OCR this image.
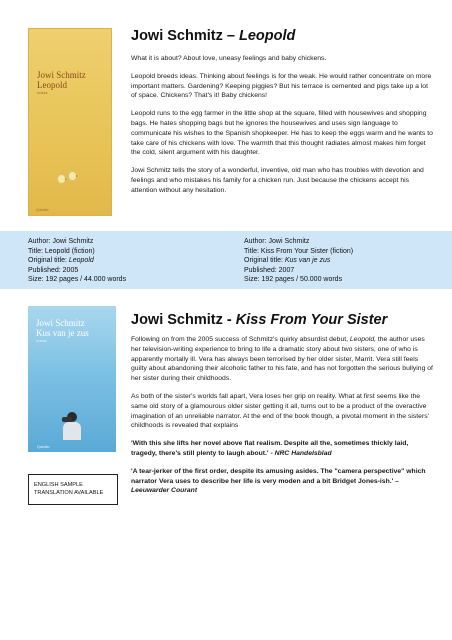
Jowi Schmitz
Leopold
roman
Querido
Jowi Schmitz – Leopold

What it is about? About love, uneasy feelings and baby chickens.

Leopold breeds ideas. Thinking about feelings is for the weak. He would rather concentrate on more important matters. Gardening? Keeping piggies? But his terrace is cemented and pigs take up a lot of space. Chickens? That's it! Baby chickens!

Leopold runs to the egg farmer in the little shop at the square, filled with housewives and shopping bags. He hates shopping bags but he ignores the housewives and uses sign language to communicate his wishes to the Spanish shopkeeper. He has to keep the eggs warm and he wants to take care of his chickens with love. The warmth that this thought radiates almost makes him forget the cold, silent argument with his daughter.

Jowi Schmitz tells the story of a wonderful, inventive, old man who has troubles with devotion and feelings and who mistakes his family for a chicken run. Just because the chickens accept his attention without any hesitation.

Author: Jowi Schmitz
Title: Leopold (fiction)
Original title: Leopold
Published: 2005
Size: 192 pages / 44.000 words
Author: Jowi Schmitz
Title: Kiss From Your Sister (fiction)
Original title: Kus van je zus
Published: 2007
Size: 192 pages / 50.000 words
Jowi Schmitz
Kus van je zus
roman
Querido
Jowi Schmitz - Kiss From Your Sister

Following on from the 2005 success of Schmitz's quirky absurdist debut, Leopold, the author uses her television-writing experience to bring to life a dramatic story about two sisters, one of who is apparently mortally ill. Vera has always been terrorised by her older sister, Marrit. Vera still feels guilty about abandoning their alcoholic father to his fate, and has not forgotten the serious bullying of her sister during their childhoods.

As both of the sister's worlds fall apart, Vera loses her grip on reality. What at first seems like the same old story of a glamourous older sister getting it all, turns out to be a product of the overactive imagination of an unreliable narrator. At the end of the book though, a pivotal moment in the sisters' childhoods is revealed that explains

'With this she lifts her novel above flat realism. Despite all the, sometimes thickly laid, tragedy, there's still plenty to laugh about.' - NRC Handelsblad

'A tear-jerker of the first order, despite its amusing asides. The "camera perspective" which narrator Vera uses to describe her life is very moden and a bit Bridget Jones-ish.' – Leeuwarder Courant

ENGLISH SAMPLE
TRANSLATION AVAILABLE
